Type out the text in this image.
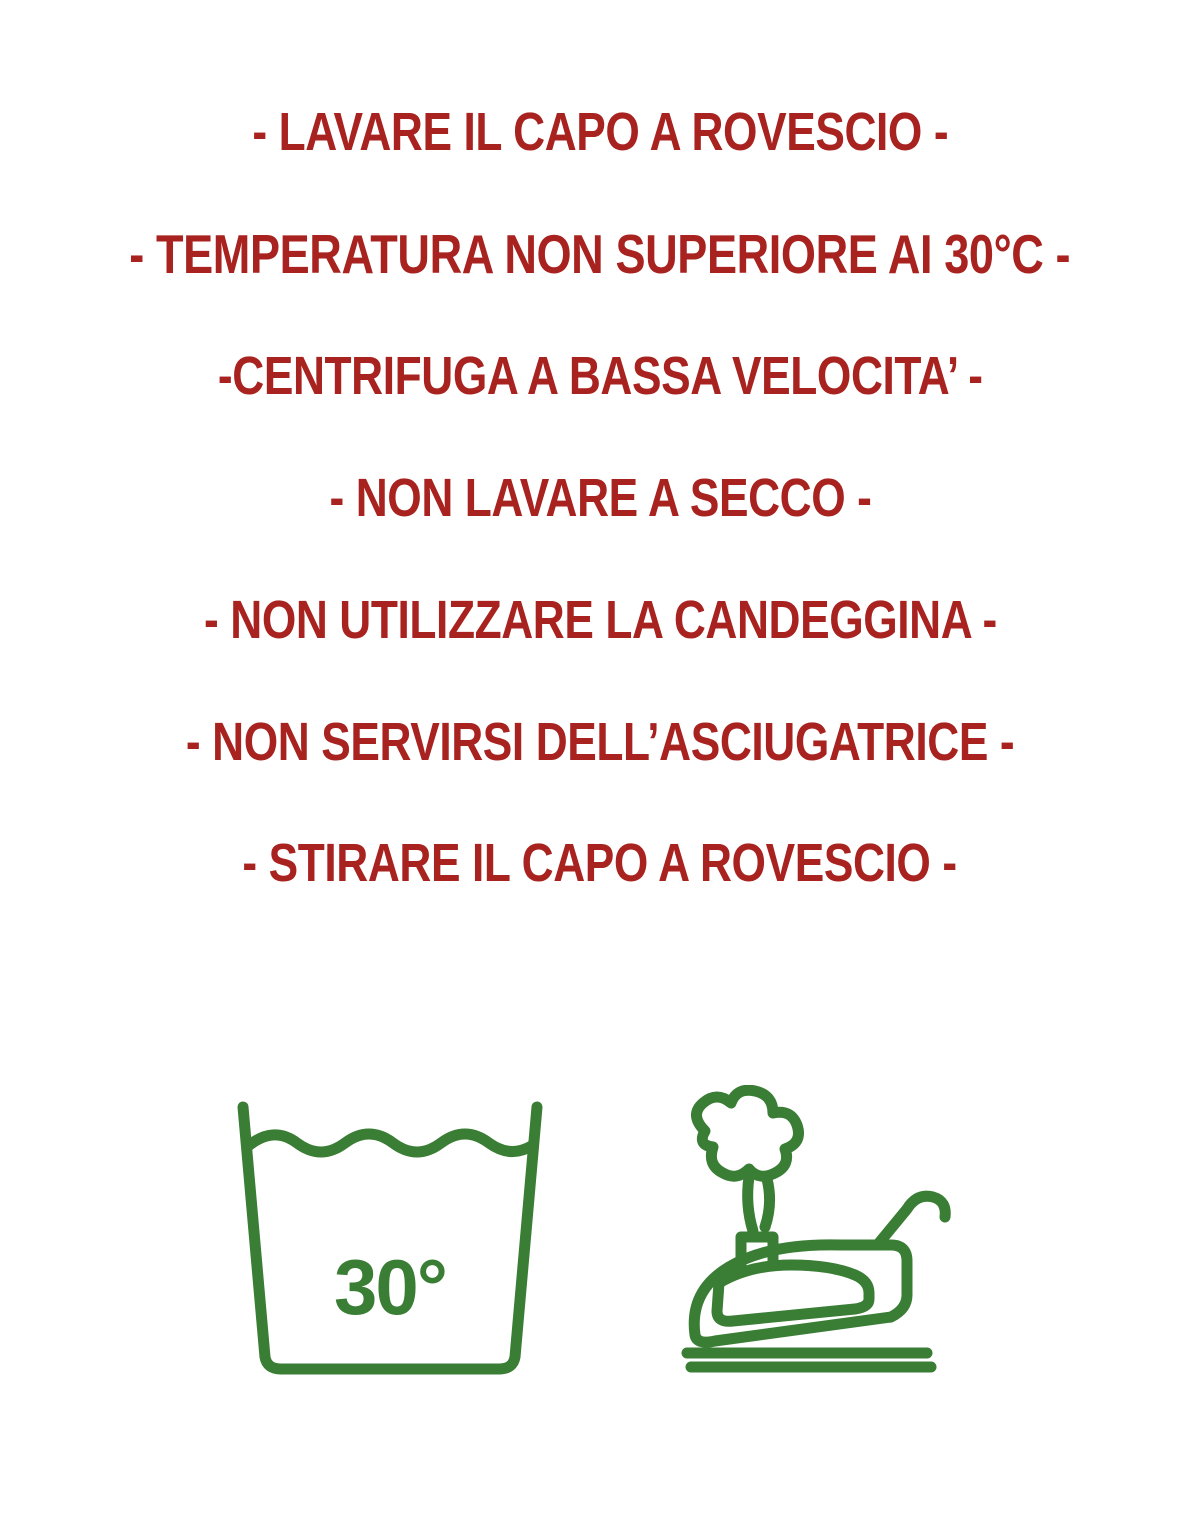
- LAVARE IL CAPO A ROVESCIO -

- TEMPERATURA NON SUPERIORE AI 30°C -

-CENTRIFUGA A BASSA VELOCITA’ -

- NON LAVARE A SECCO -

- NON UTILIZZARE LA CANDEGGINA -

- NON SERVIRSI DELL’ASCIUGATRICE -

- STIRARE IL CAPO A ROVESCIO -

30°
